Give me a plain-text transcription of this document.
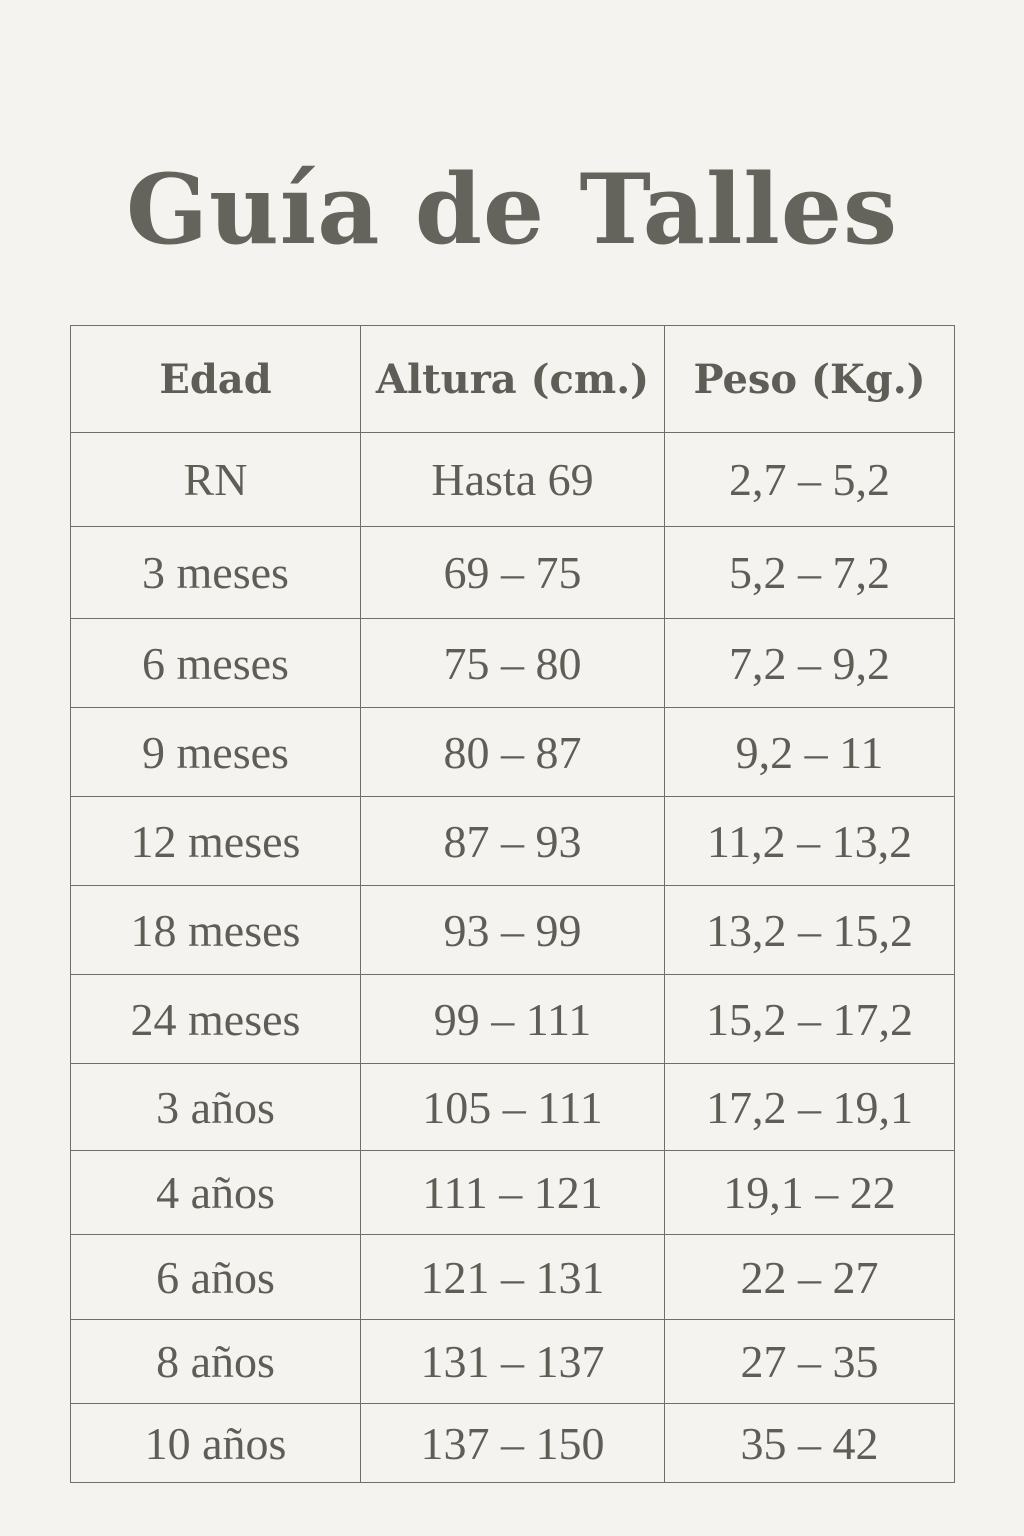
Guía de Talles
Edad	Altura (cm.)	Peso (Kg.)
RN	Hasta 69	2,7 – 5,2
3 meses	69 – 75	5,2 – 7,2
6 meses	75 – 80	7,2 – 9,2
9 meses	80 – 87	9,2 – 11
12 meses	87 – 93	11,2 – 13,2
18 meses	93 – 99	13,2 – 15,2
24 meses	99 – 111	15,2 – 17,2
3 años	105 – 111	17,2 – 19,1
4 años	111 – 121	19,1 – 22
6 años	121 – 131	22 – 27
8 años	131 – 137	27 – 35
10 años	137 – 150	35 – 42
